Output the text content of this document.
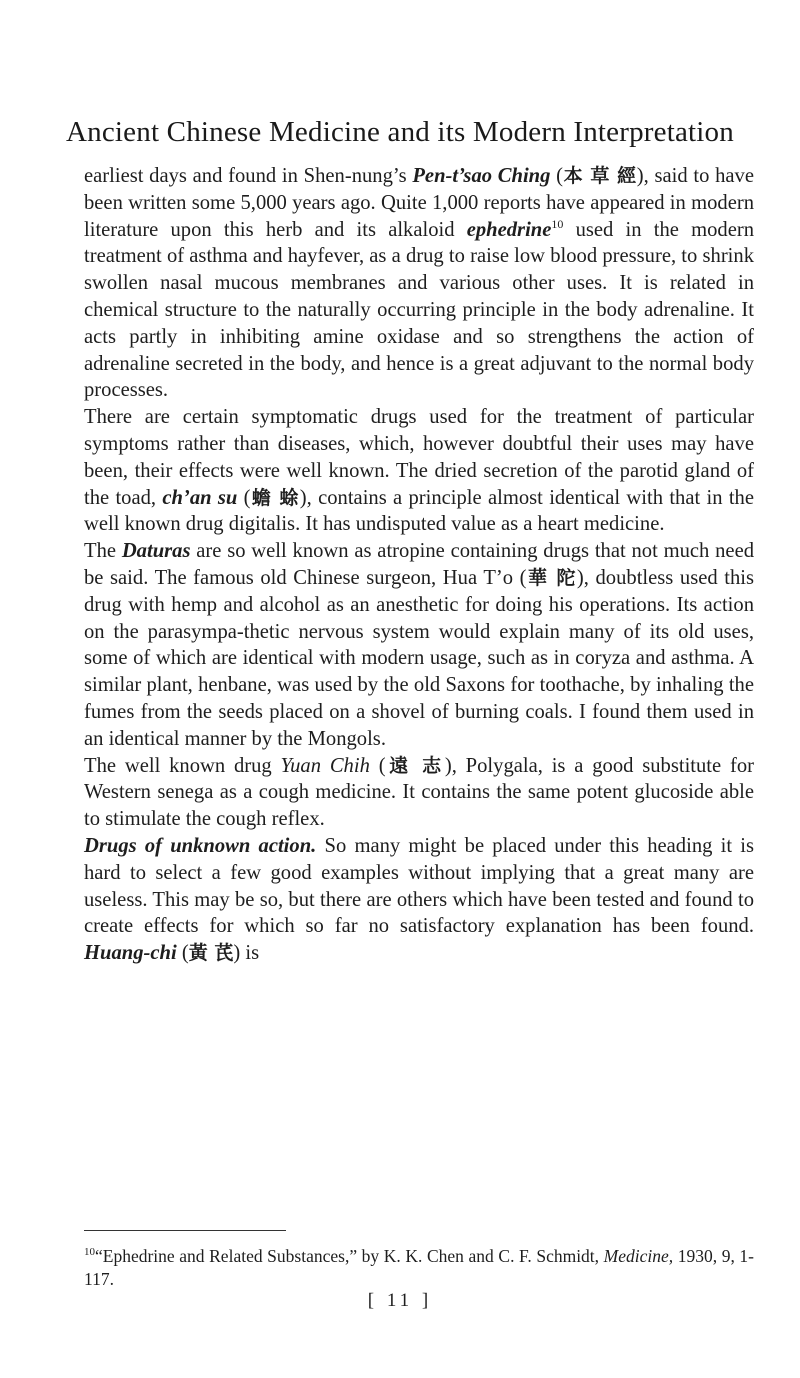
Ancient Chinese Medicine and its Modern Interpretation

earliest days and found in Shen-nung’s Pen-t’sao Ching (本 草 經), said to have been written some 5,000 years ago. Quite 1,000 reports have appeared in modern literature upon this herb and its alkaloid ephedrine$^{10}$ used in the modern treatment of asthma and hayfever, as a drug to raise low blood pressure, to shrink swollen nasal mucous membranes and various other uses. It is related in chemical structure to the naturally occurring principle in the body adrenaline. It acts partly in inhibiting amine oxidase and so strengthens the action of adrenaline secreted in the body, and hence is a great adjuvant to the normal body processes.

There are certain symptomatic drugs used for the treatment of particular symptoms rather than diseases, which, however doubtful their uses may have been, their effects were well known. The dried secretion of the parotid gland of the toad, ch’an su (蟾 蜍), contains a principle almost identical with that in the well known drug digitalis. It has undisputed value as a heart medicine.

The Daturas are so well known as atropine containing drugs that not much need be said. The famous old Chinese surgeon, Hua T’o (華 陀), doubtless used this drug with hemp and alcohol as an anesthetic for doing his operations. Its action on the parasympa-thetic nervous system would explain many of its old uses, some of which are identical with modern usage, such as in coryza and asthma. A similar plant, henbane, was used by the old Saxons for toothache, by inhaling the fumes from the seeds placed on a shovel of burning coals. I found them used in an identical manner by the Mongols.

The well known drug Yuan Chih (遠 志), Polygala, is a good substitute for Western senega as a cough medicine. It contains the same potent glucoside able to stimulate the cough reflex.

Drugs of unknown action. So many might be placed under this heading it is hard to select a few good examples without implying that a great many are useless. This may be so, but there are others which have been tested and found to create effects for which so far no satisfactory explanation has been found. Huang-chi (黃 芪) is

$^{10}$“Ephedrine and Related Substances,” by K. K. Chen and C. F. Schmidt, Medicine, 1930, 9, 1-117.
[ 11 ]
